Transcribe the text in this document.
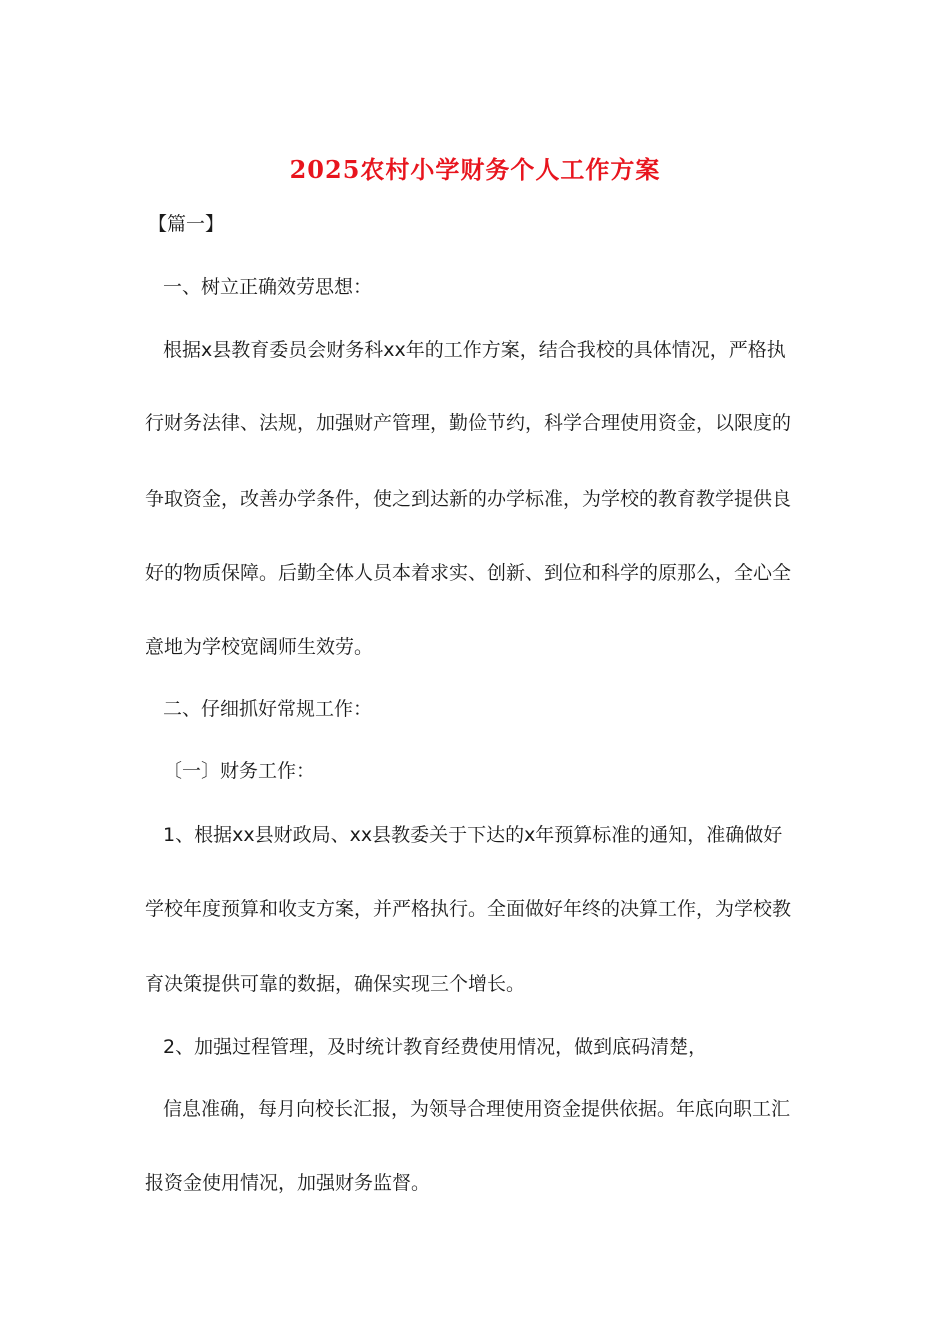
2025农村小学财务个人工作方案
【篇一】
一、树立正确效劳思想：
根据x县教育委员会财务科xx年的工作方案，结合我校的具体情况，严格执
行财务法律、法规，加强财产管理，勤俭节约，科学合理使用资金，以限度的
争取资金，改善办学条件，使之到达新的办学标准，为学校的教育教学提供良
好的物质保障。后勤全体人员本着求实、创新、到位和科学的原那么，全心全
意地为学校宽阔师生效劳。
二、仔细抓好常规工作：
〔一〕财务工作：
1、根据xx县财政局、xx县教委关于下达的x年预算标准的通知，准确做好
学校年度预算和收支方案，并严格执行。全面做好年终的决算工作，为学校教
育决策提供可靠的数据，确保实现三个增长。
2、加强过程管理，及时统计教育经费使用情况，做到底码清楚，
信息准确，每月向校长汇报，为领导合理使用资金提供依据。年底向职工汇
报资金使用情况，加强财务监督。
